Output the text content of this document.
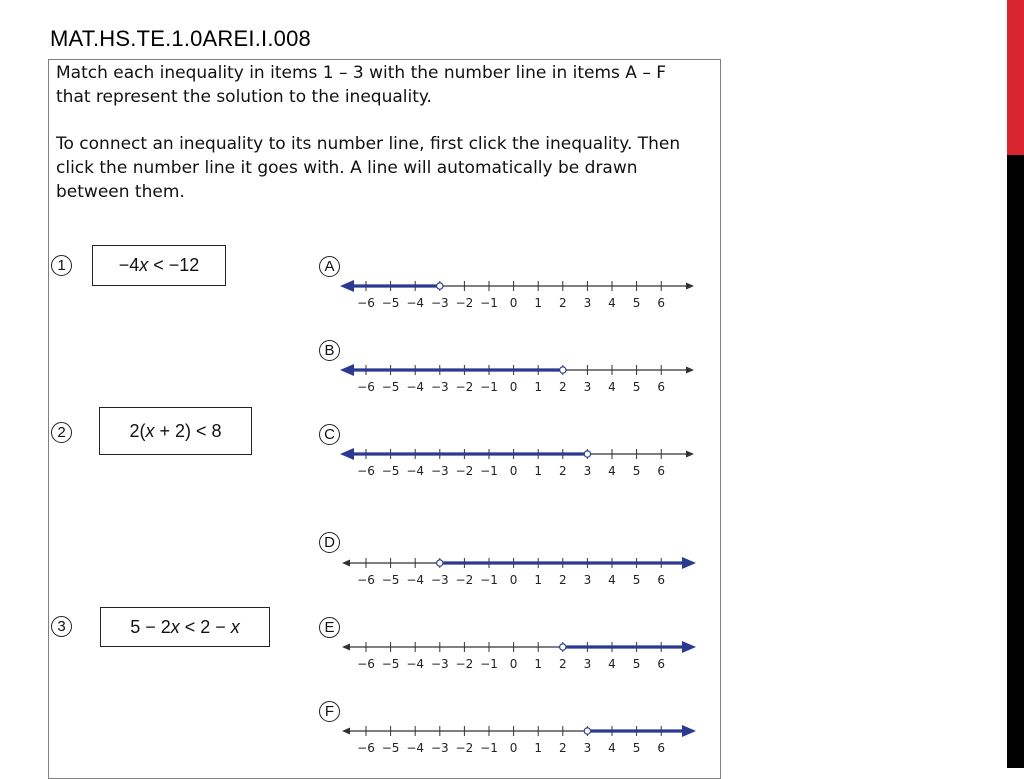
MAT.HS.TE.1.0AREI.I.008
Match each inequality in items 1 – 3 with the number line in items A – F that represent the solution to the inequality.
To connect an inequality to its number line, first click the inequality. Then click the number line it goes with. A line will automatically be drawn between them.
1	−4 x < −12
2	2( x + 2) < 8
3	5 − 2 x < 2 − x
A
B
C
D
E
F
−6 −5 −4 −3 −2 −1 0 1 2 3 4 5 6
−6 −5 −4 −3 −2 −1 0 1 2 3 4 5 6
−6 −5 −4 −3 −2 −1 0 1 2 3 4 5 6
−6 −5 −4 −3 −2 −1 0 1 2 3 4 5 6
−6 −5 −4 −3 −2 −1 0 1 2 3 4 5 6
−6 −5 −4 −3 −2 −1 0 1 2 3 4 5 6
